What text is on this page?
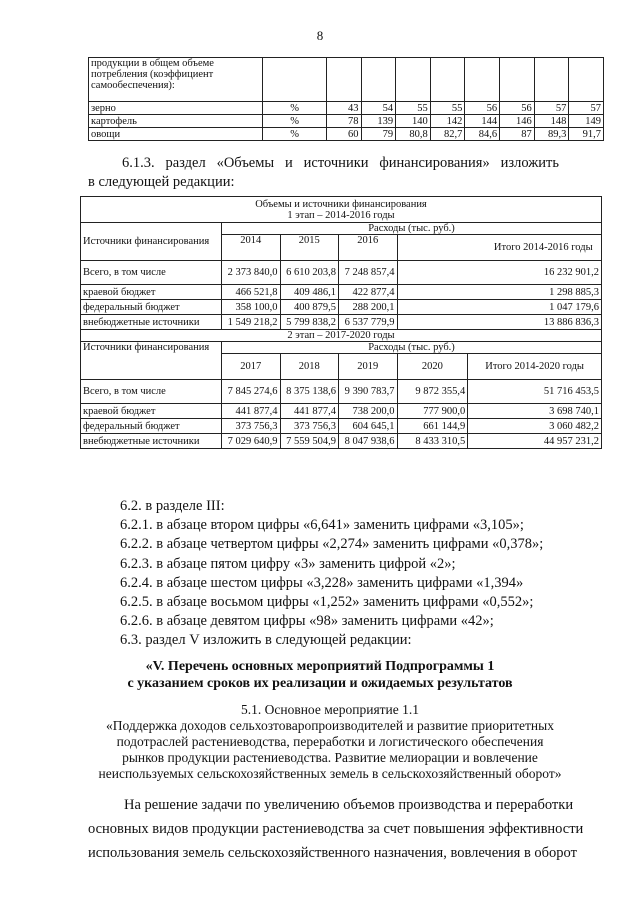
8
продукции в общем объеме потребления (коэффициент самообеспечения):									
зерно	%	43	54	55	55	56	56	57	57
картофель	%	78	139	140	142	144	146	148	149
овощи	%	60	79	80,8	82,7	84,6	87	89,3	91,7
6.1.3.   раздел   «Объемы   и   источники   финансирования»   изложить
в следующей редакции:
Объемы и источники финансирования
1 этап – 2014-2016 годы					

Источники финансирования	Расходы (тыс. руб.)				
	2014	2015	2016	Итого 2014-2016 годы	
Всего, в том числе	2 373 840,0	6 610 203,8	7 248 857,4	16 232 901,2	
краевой бюджет	466 521,8	409 486,1	422 877,4	1 298 885,3	
федеральный бюджет	358 100,0	400 879,5	288 200,1	1 047 179,6	
внебюджетные источники	1 549 218,2	5 799 838,2	6 537 779,9	13 886 836,3	
2 этап – 2017-2020 годы					
Источники финансирования	Расходы (тыс. руб.)				
	2017	2018	2019	2020	Итого 2014-2020 годы
Всего, в том числе	7 845 274,6	8 375 138,6	9 390 783,7	9 872 355,4	51 716 453,5
краевой бюджет	441 877,4	441 877,4	738 200,0	777 900,0	3 698 740,1
федеральный бюджет	373 756,3	373 756,3	604 645,1	661 144,9	3 060 482,2
внебюджетные источники	7 029 640,9	7 559 504,9	8 047 938,6	8 433 310,5	44 957 231,2
6.2. в разделе III:
6.2.1. в абзаце втором цифры «6,641» заменить цифрами «3,105»;
6.2.2. в абзаце четвертом цифры «2,274» заменить цифрами «0,378»;
6.2.3. в абзаце пятом цифру «3» заменить цифрой «2»;
6.2.4. в абзаце шестом цифры «3,228» заменить цифрами «1,394»
6.2.5. в абзаце восьмом цифры «1,252» заменить цифрами «0,552»;
6.2.6. в абзаце девятом цифры «98» заменить цифрами «42»;
6.3. раздел V изложить в следующей редакции:
«V. Перечень основных мероприятий Подпрограммы 1
с указанием сроков их реализации и ожидаемых результатов
5.1. Основное мероприятие 1.1
«Поддержка доходов сельхозтоваропроизводителей и развитие приоритетных
подотраслей растениеводства, переработки и логистического обеспечения
рынков продукции растениеводства. Развитие мелиорации и вовлечение
неиспользуемых сельскохозяйственных земель в сельскохозяйственный оборот»
На решение задачи по увеличению объемов производства и переработки
основных видов продукции растениеводства за счет повышения эффективности
использования земель сельскохозяйственного назначения, вовлечения в оборот
